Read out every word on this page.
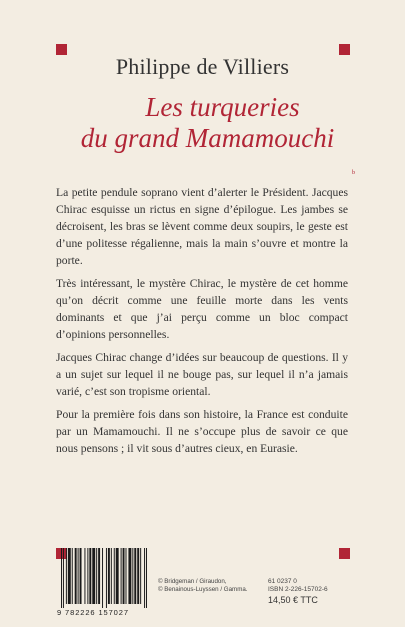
Philippe de Villiers
Les turqueries
du grand Mamamouchi
b

La petite pendule soprano vient d’alerter le Président. Jacques Chirac esquisse un rictus en signe d’épilogue. Les jambes se décroisent, les bras se lèvent comme deux soupirs, le geste est d’une politesse régalienne, mais la main s’ouvre et montre la porte.

Très intéressant, le mystère Chirac, le mystère de cet homme qu’on décrit comme une feuille morte dans les vents dominants et que j’ai perçu comme un bloc compact d’opinions personnelles.

Jacques Chirac change d’idées sur beaucoup de questions. Il y a un sujet sur lequel il ne bouge pas, sur lequel il n’a jamais varié, c’est son tropisme oriental.

Pour la première fois dans son histoire, la France est conduite par un Mamamouchi. Il ne s’occupe plus de savoir ce que nous pensons ; il vit sous d’autres cieux, en Eurasie.

9 782226 157027
© Bridgeman / Giraudon,
© Benainous-Luyssen / Gamma.
61 0237 0
ISBN 2-226-15702-6
14,50 € TTC
